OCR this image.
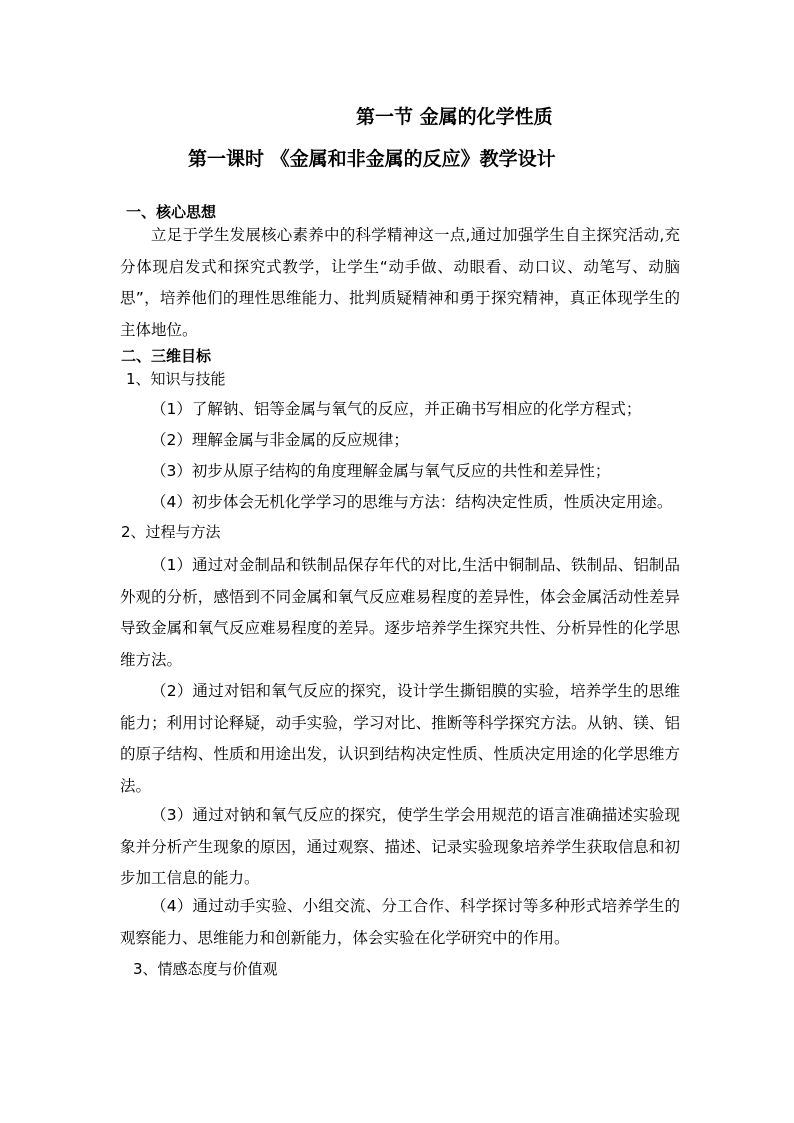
第一节 金属的化学性质
第一课时 《金属和非金属的反应》教学设计
一、核心思想

立足于学生发展核心素养中的科学精神这一点,通过加强学生自主探究活动,充分体现启发式和探究式教学，让学生“动手做、动眼看、动口议、动笔写、动脑思”，培养他们的理性思维能力、批判质疑精神和勇于探究精神，真正体现学生的主体地位。

二、三维目标
1、知识与技能
（1）了解钠、铝等金属与氧气的反应，并正确书写相应的化学方程式；
（2）理解金属与非金属的反应规律；
（3）初步从原子结构的角度理解金属与氧气反应的共性和差异性；
（4）初步体会无机化学学习的思维与方法：结构决定性质，性质决定用途。
2、过程与方法

（1）通过对金制品和铁制品保存年代的对比,生活中铜制品、铁制品、铝制品外观的分析，感悟到不同金属和氧气反应难易程度的差异性，体会金属活动性差异导致金属和氧气反应难易程度的差异。逐步培养学生探究共性、分析异性的化学思维方法。

（2）通过对铝和氧气反应的探究，设计学生撕铝膜的实验，培养学生的思维能力；利用讨论释疑，动手实验，学习对比、推断等科学探究方法。从钠、镁、铝的原子结构、性质和用途出发，认识到结构决定性质、性质决定用途的化学思维方法。

（3）通过对钠和氧气反应的探究，使学生学会用规范的语言准确描述实验现象并分析产生现象的原因，通过观察、描述、记录实验现象培养学生获取信息和初步加工信息的能力。

（4）通过动手实验、小组交流、分工合作、科学探讨等多种形式培养学生的观察能力、思维能力和创新能力，体会实验在化学研究中的作用。

3、情感态度与价值观
